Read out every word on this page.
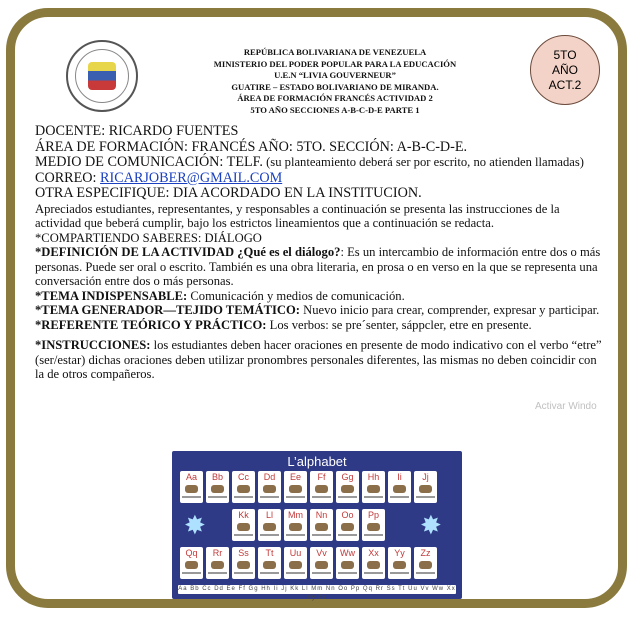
REPÚBLICA BOLIVARIANA DE VENEZUELA
MINISTERIO DEL PODER POPULAR PARA LA EDUCACIÓN
U.E.N “LIVIA GOUVERNEUR”
GUATIRE – ESTADO BOLIVARIANO DE MIRANDA.
ÁREA DE FORMACIÓN FRANCÉS ACTIVIDAD 2
5TO AÑO SECCIONES A-B-C-D-E PARTE 1
5TO
AÑO
ACT.2

DOCENTE: RICARDO FUENTES

ÁREA DE FORMACIÓN: FRANCÉS AÑO: 5TO. SECCIÓN: A-B-C-D-E.

MEDIO DE COMUNICACIÓN: TELF. (su planteamiento deberá ser por escrito, no atienden llamadas) CORREO: RICARJOBER@GMAIL.COM

OTRA ESPECIFIQUE: DIA ACORDADO EN LA INSTITUCION.

Apreciados estudiantes, representantes, y responsables a continuación se presenta las instrucciones de la actividad que beberá cumplir, bajo los estrictos lineamientos que a continuación se redacta.

*COMPARTIENDO SABERES: DIÁLOGO

*DEFINICIÓN DE LA ACTIVIDAD ¿Qué es el diálogo?: Es un intercambio de información entre dos o más personas. Puede ser oral o escrito. También es una obra literaria, en prosa o en verso en la que se representa una conversación entre dos o más personas.

*TEMA INDISPENSABLE: Comunicación y medios de comunicación.

*TEMA GENERADOR—TEJIDO TEMÁTICO: Nuevo inicio para crear, comprender, expresar y participar.

*REFERENTE TEÓRICO Y PRÁCTICO: Los verbos: se pre´senter, sáppcler, etre en presente.

*INSTRUCCIONES: los estudiantes deben hacer oraciones en presente de modo indicativo con el verbo “etre” (ser/estar) dichas oraciones deben utilizar pronombres personales diferentes, las mismas no deben coincidir con la de otros compañeros.

Activar Windo
L’alphabet
Aa	Bb	Cc	Dd	Ee	Ff	Gg	Hh	Ii	Jj
Kk	Ll	Mm	Nn	Oo	Pp
✸	✸
Qq	Rr	Ss	Tt	Uu	Vv	Ww	Xx	Yy	Zz
Aa Bb Cc Dd Ee Ff Gg Hh Ii Jj Kk Ll Mm Nn Oo Pp Qq Rr Ss Tt Uu Vv Ww Xx Yy Zz
